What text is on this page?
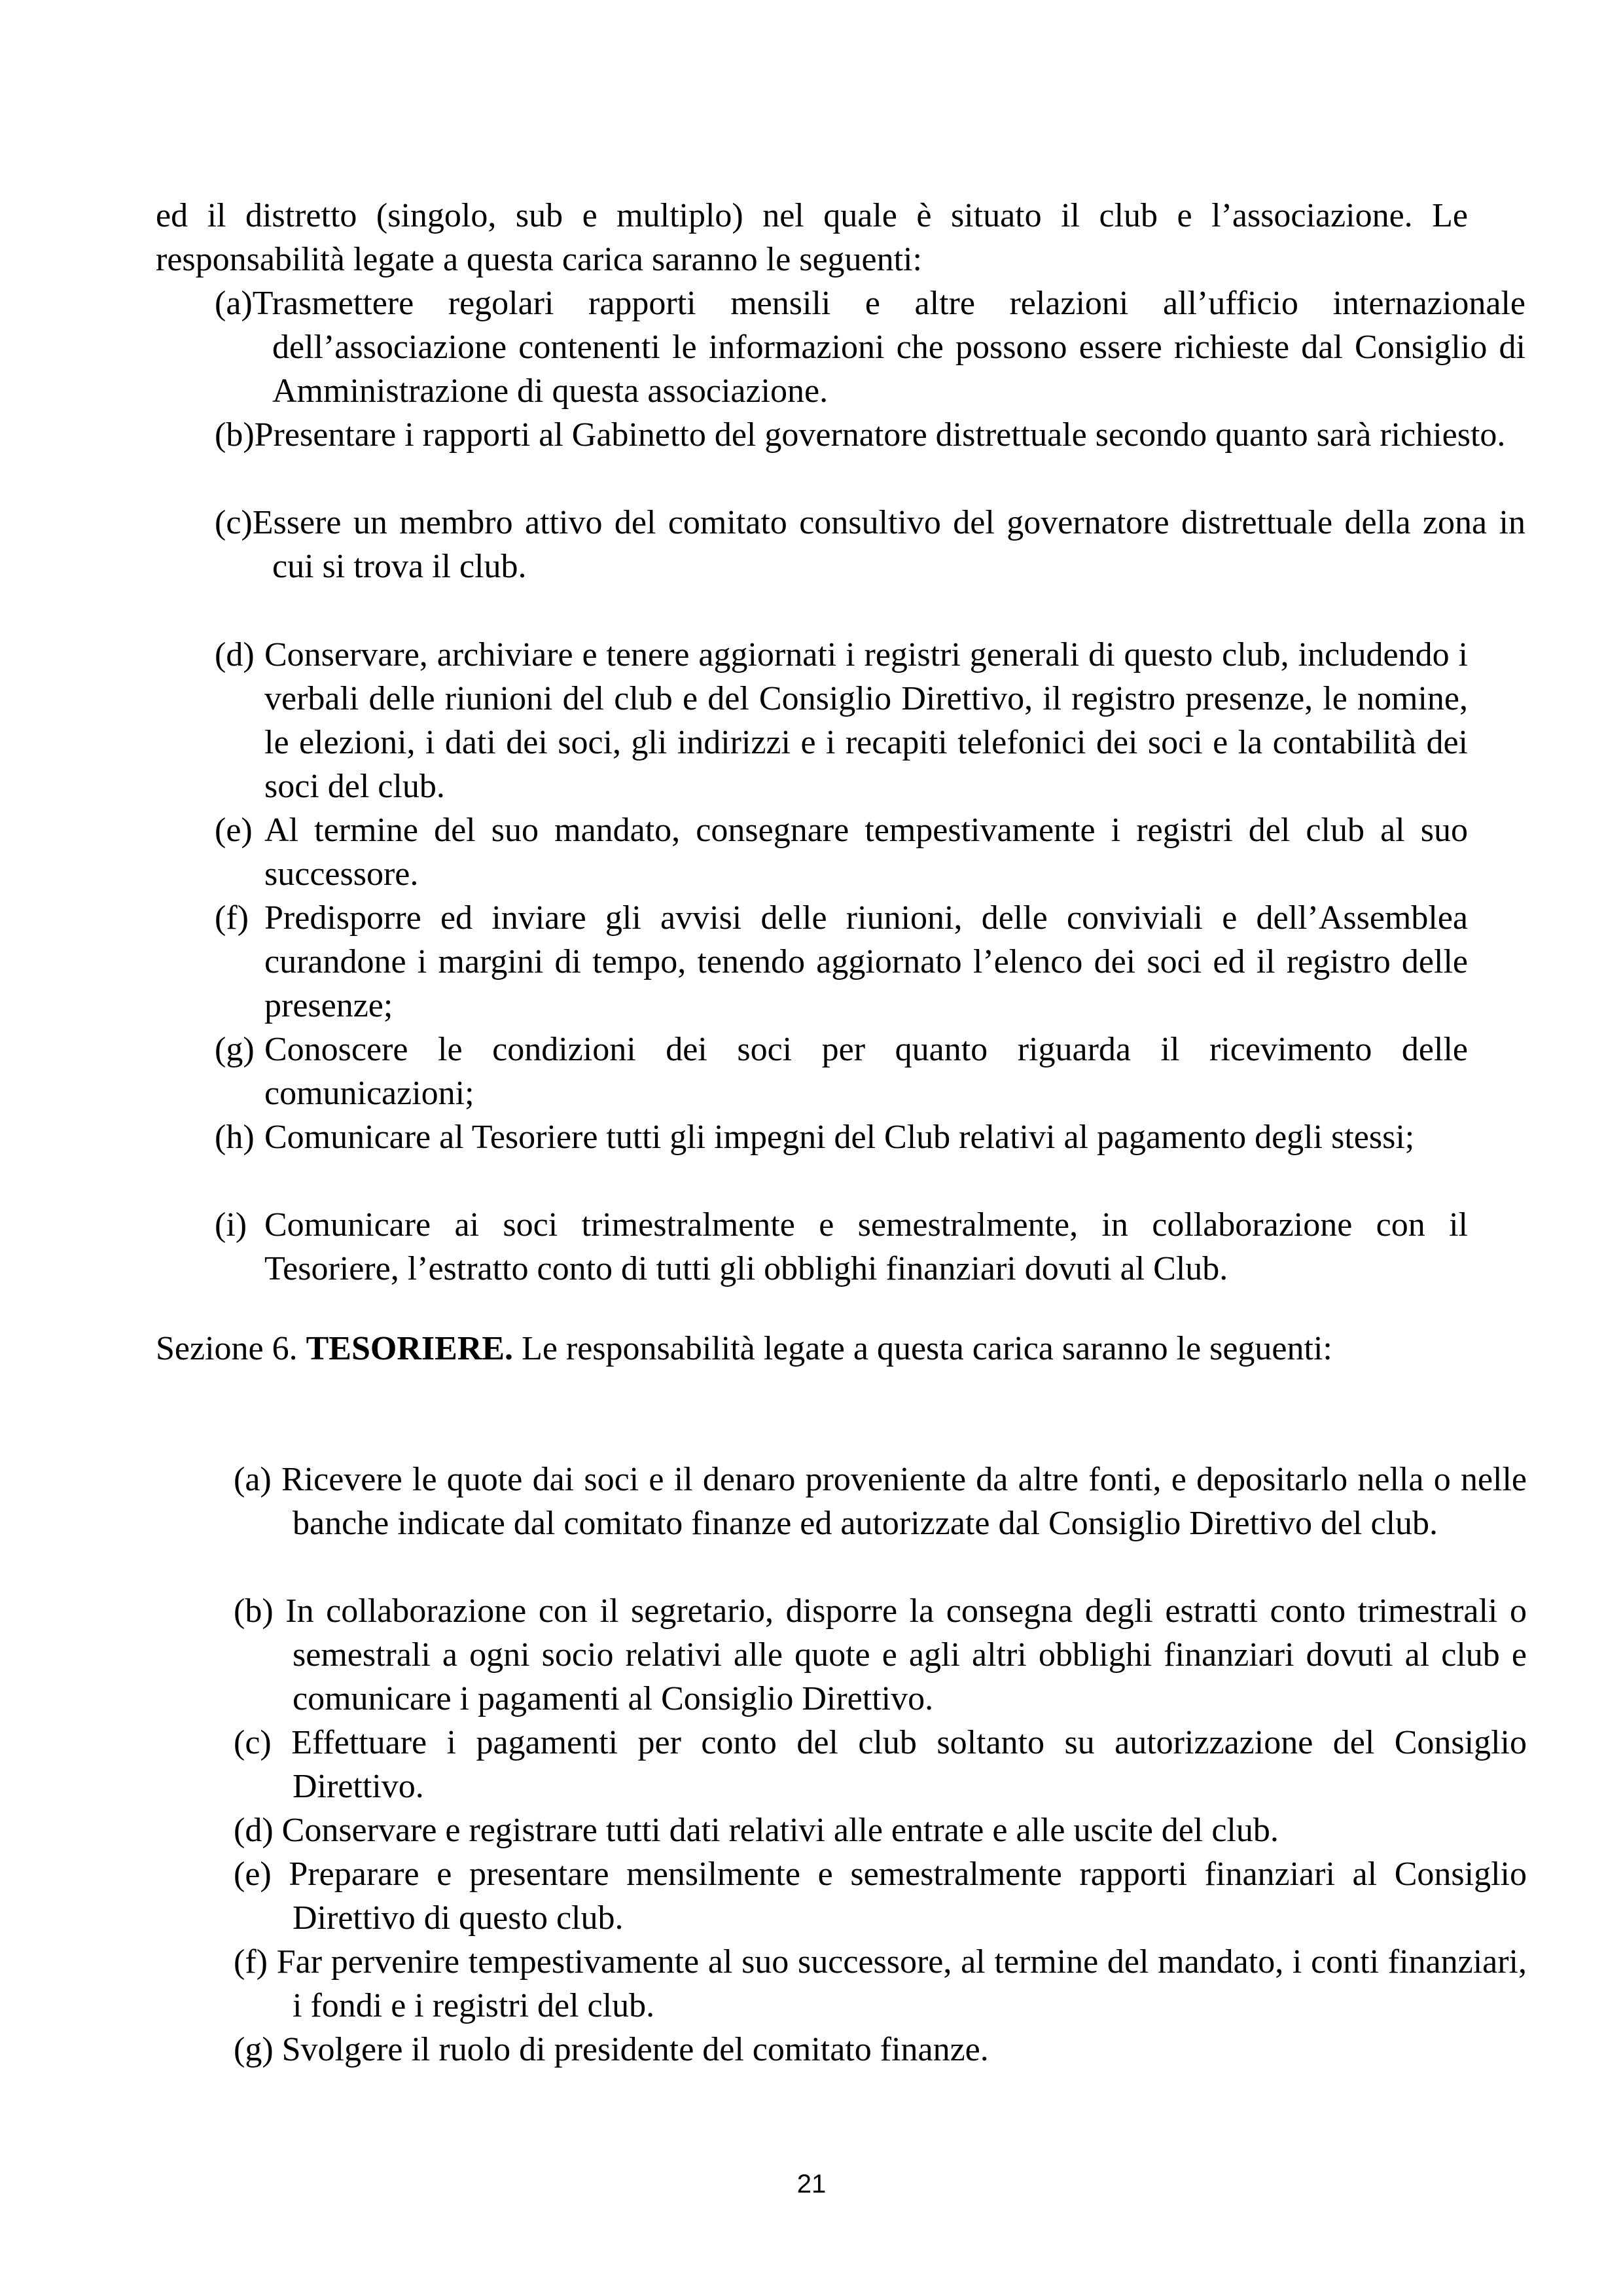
ed il distretto (singolo, sub e multiplo) nel quale è situato il club e l’associazione. Le responsabilità legate a questa carica saranno le seguenti:
(a)Trasmettere regolari rapporti mensili e altre relazioni all’ufficio internazionale dell’associazione contenenti le informazioni che possono essere richieste dal Consiglio di Amministrazione di questa associazione.
(b)Presentare i rapporti al Gabinetto del governatore distrettuale secondo quanto sarà richiesto.
(c)Essere un membro attivo del comitato consultivo del governatore distrettuale della zona in cui si trova il club.
(d) Conservare, archiviare e tenere aggiornati i registri generali di questo club, includendo i verbali delle riunioni del club e del Consiglio Direttivo, il registro presenze, le nomine, le elezioni, i dati dei soci, gli indirizzi e i recapiti telefonici dei soci e la contabilità dei soci del club.
(e) Al termine del suo mandato, consegnare tempestivamente i registri del club al suo successore.
(f) Predisporre ed inviare gli avvisi delle riunioni, delle conviviali e dell’Assemblea curandone i margini di tempo, tenendo aggiornato l’elenco dei soci ed il registro delle presenze;
(g) Conoscere le condizioni dei soci per quanto riguarda il ricevimento delle comunicazioni;
(h) Comunicare al Tesoriere tutti gli impegni del Club relativi al pagamento degli stessi;
(i) Comunicare ai soci trimestralmente e semestralmente, in collaborazione con il Tesoriere, l’estratto conto di tutti gli obblighi finanziari dovuti al Club.
Sezione 6. TESORIERE. Le responsabilità legate a questa carica saranno le seguenti:
(a) Ricevere le quote dai soci e il denaro proveniente da altre fonti, e depositarlo nella o nelle banche indicate dal comitato finanze ed autorizzate dal Consiglio Direttivo del club.
(b) In collaborazione con il segretario, disporre la consegna degli estratti conto trimestrali o semestrali a ogni socio relativi alle quote e agli altri obblighi finanziari dovuti al club e comunicare i pagamenti al Consiglio Direttivo.
(c) Effettuare i pagamenti per conto del club soltanto su autorizzazione del Consiglio Direttivo.
(d) Conservare e registrare tutti dati relativi alle entrate e alle uscite del club.
(e) Preparare e presentare mensilmente e semestralmente rapporti finanziari al Consiglio Direttivo di questo club.
(f) Far pervenire tempestivamente al suo successore, al termine del mandato, i conti finanziari, i fondi e i registri del club.
(g) Svolgere il ruolo di presidente del comitato finanze.
21
